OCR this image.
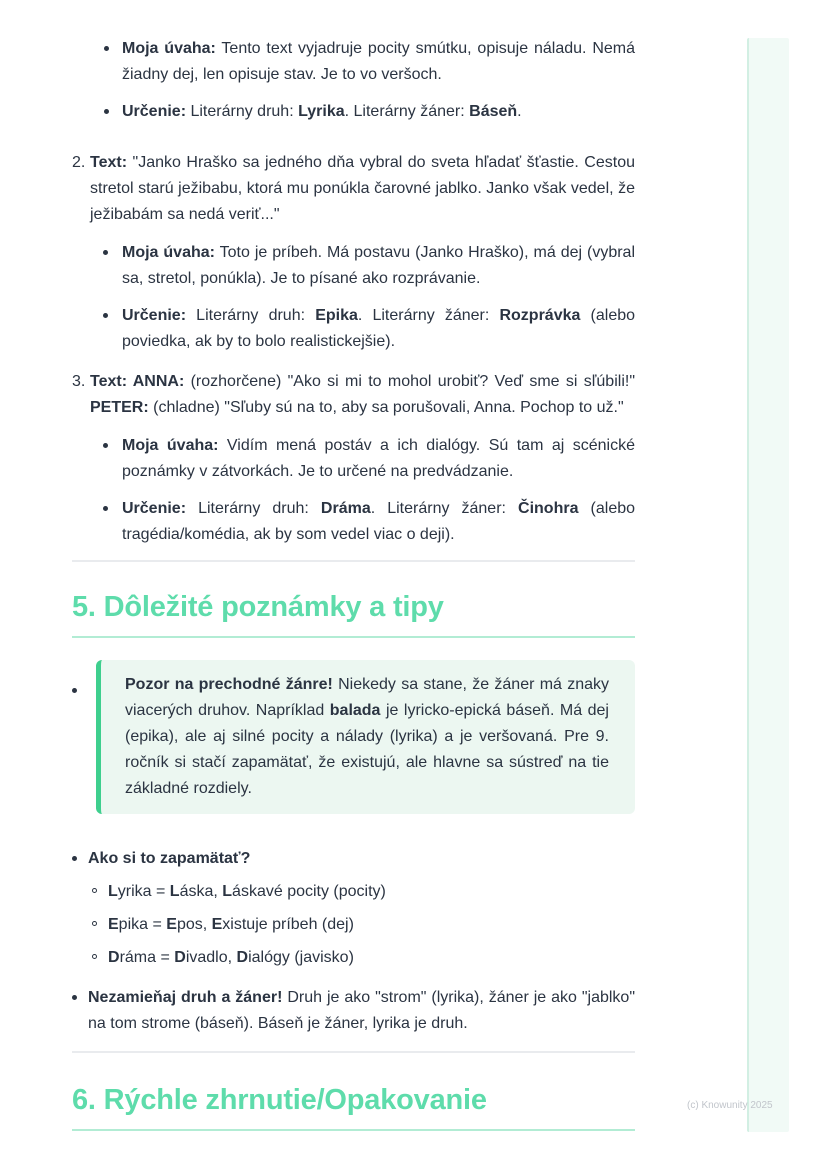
Moja úvaha: Tento text vyjadruje pocity smútku, opisuje náladu. Nemá žiadny dej, len opisuje stav. Je to vo veršoch.

Určenie: Literárny druh: Lyrika. Literárny žáner: Báseň.

2. Text: "Janko Hraško sa jedného dňa vybral do sveta hľadať šťastie. Cestou stretol starú ježibabu, ktorá mu ponúkla čarovné jablko. Janko však vedel, že ježibabám sa nedá veriť..."

Moja úvaha: Toto je príbeh. Má postavu (Janko Hraško), má dej (vybral sa, stretol, ponúkla). Je to písané ako rozprávanie.

Určenie: Literárny druh: Epika. Literárny žáner: Rozprávka (alebo poviedka, ak by to bolo realistickejšie).

3. Text: ANNA: (rozhorčene) "Ako si mi to mohol urobiť? Veď sme si sľúbili!" PETER: (chladne) "Sľuby sú na to, aby sa porušovali, Anna. Pochop to už."

Moja úvaha: Vidím mená postáv a ich dialógy. Sú tam aj scénické poznámky v zátvorkách. Je to určené na predvádzanie.

Určenie: Literárny druh: Dráma. Literárny žáner: Činohra (alebo tragédia/komédia, ak by som vedel viac o deji).

5. Dôležité poznámky a tipy

Pozor na prechodné žánre! Niekedy sa stane, že žáner má znaky viacerých druhov. Napríklad balada je lyricko-epická báseň. Má dej (epika), ale aj silné pocity a nálady (lyrika) a je veršovaná. Pre 9. ročník si stačí zapamätať, že existujú, ale hlavne sa sústreď na tie základné rozdiely.

Ako si to zapamätať?

Lyrika = Láska, Láskavé pocity (pocity)

Epika = Epos, Existuje príbeh (dej)

Dráma = Divadlo, Dialógy (javisko)

Nezamieňaj druh a žáner! Druh je ako "strom" (lyrika), žáner je ako "jablko" na tom strome (báseň). Báseň je žáner, lyrika je druh.

6. Rýchle zhrnutie/Opakovanie	(c) Knowunity 2025
